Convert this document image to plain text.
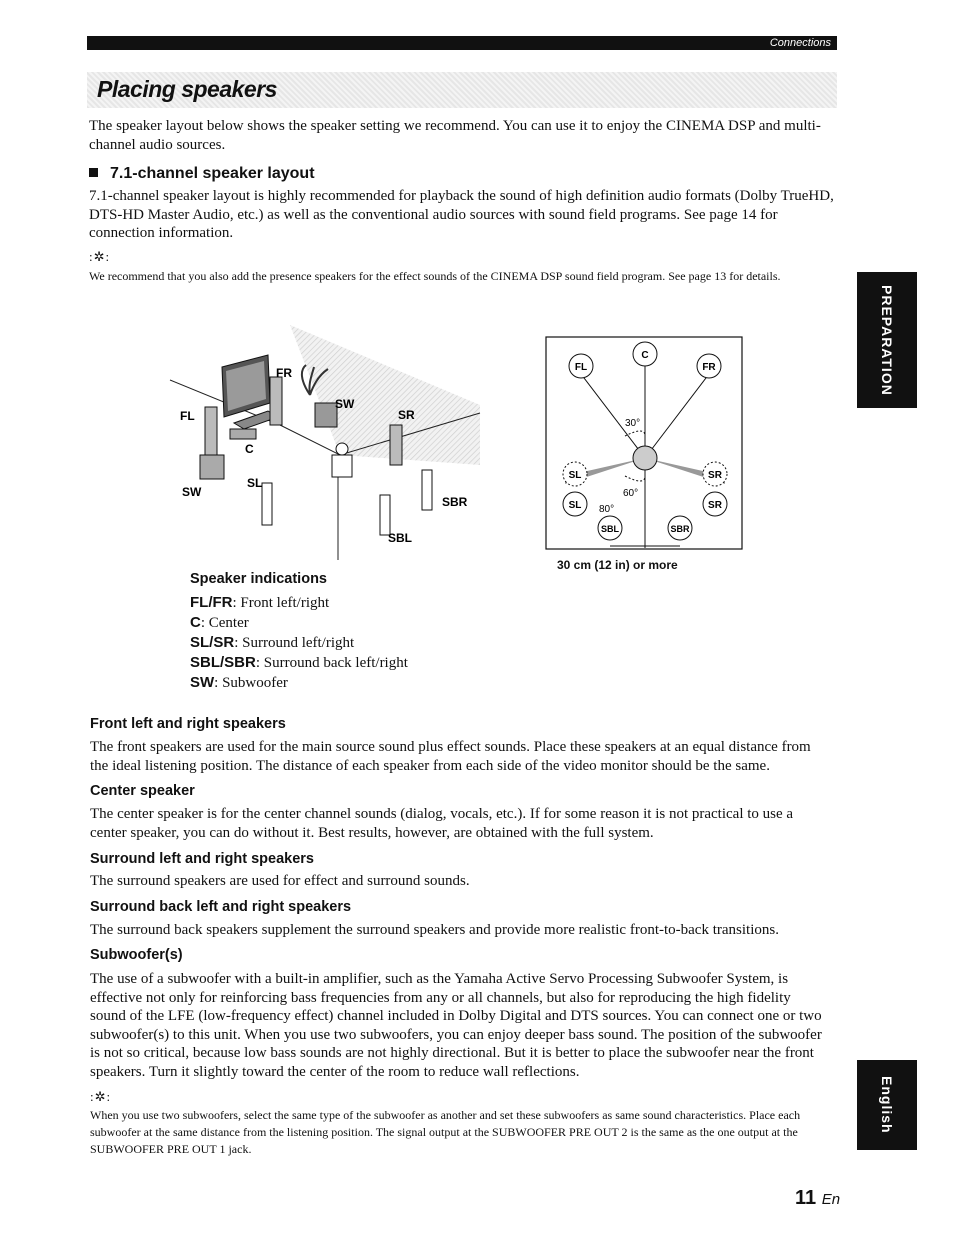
Connections
Placing speakers

The speaker layout below shows the speaker setting we recommend. You can use it to enjoy the CINEMA DSP and multi-channel audio sources.

7.1-channel speaker layout

7.1-channel speaker layout is highly recommended for playback the sound of high definition audio formats (Dolby TrueHD, DTS-HD Master Audio, etc.) as well as the conventional audio sources with sound field programs. See page 14 for connection information.

:✲:

We recommend that you also add the presence speakers for the effect sounds of the CINEMA DSP sound field program. See page 13 for details.

FR
FL
SW
SR
C
SW
SL
SBR
SBL
FL
C
FR
SL	SR
SL	SR
SBL	SBR
30°
60°
80°
30 cm (12 in) or more
Speaker indications
FL/FR: Front left/right
C: Center
SL/SR: Surround left/right
SBL/SBR: Surround back left/right
SW: Subwoofer
Front left and right speakers

The front speakers are used for the main source sound plus effect sounds. Place these speakers at an equal distance from the ideal listening position. The distance of each speaker from each side of the video monitor should be the same.

Center speaker

The center speaker is for the center channel sounds (dialog, vocals, etc.). If for some reason it is not practical to use a center speaker, you can do without it. Best results, however, are obtained with the full system.

Surround left and right speakers

The surround speakers are used for effect and surround sounds.

Surround back left and right speakers

The surround back speakers supplement the surround speakers and provide more realistic front-to-back transitions.

Subwoofer(s)

The use of a subwoofer with a built-in amplifier, such as the Yamaha Active Servo Processing Subwoofer System, is effective not only for reinforcing bass frequencies from any or all channels, but also for reproducing the high fidelity sound of the LFE (low-frequency effect) channel included in Dolby Digital and DTS sources. You can connect one or two subwoofer(s) to this unit. When you use two subwoofers, you can enjoy deeper bass sound. The position of the subwoofer is not so critical, because low bass sounds are not highly directional. But it is better to place the subwoofer near the front speakers. Turn it slightly toward the center of the room to reduce wall reflections.

:✲:

When you use two subwoofers, select the same type of the subwoofer as another and set these subwoofers as same sound characteristics. Place each subwoofer at the same distance from the listening position. The signal output at the SUBWOOFER PRE OUT 2 is the same as the one output at the SUBWOOFER PRE OUT 1 jack.

PREPARATION
English
11 En
